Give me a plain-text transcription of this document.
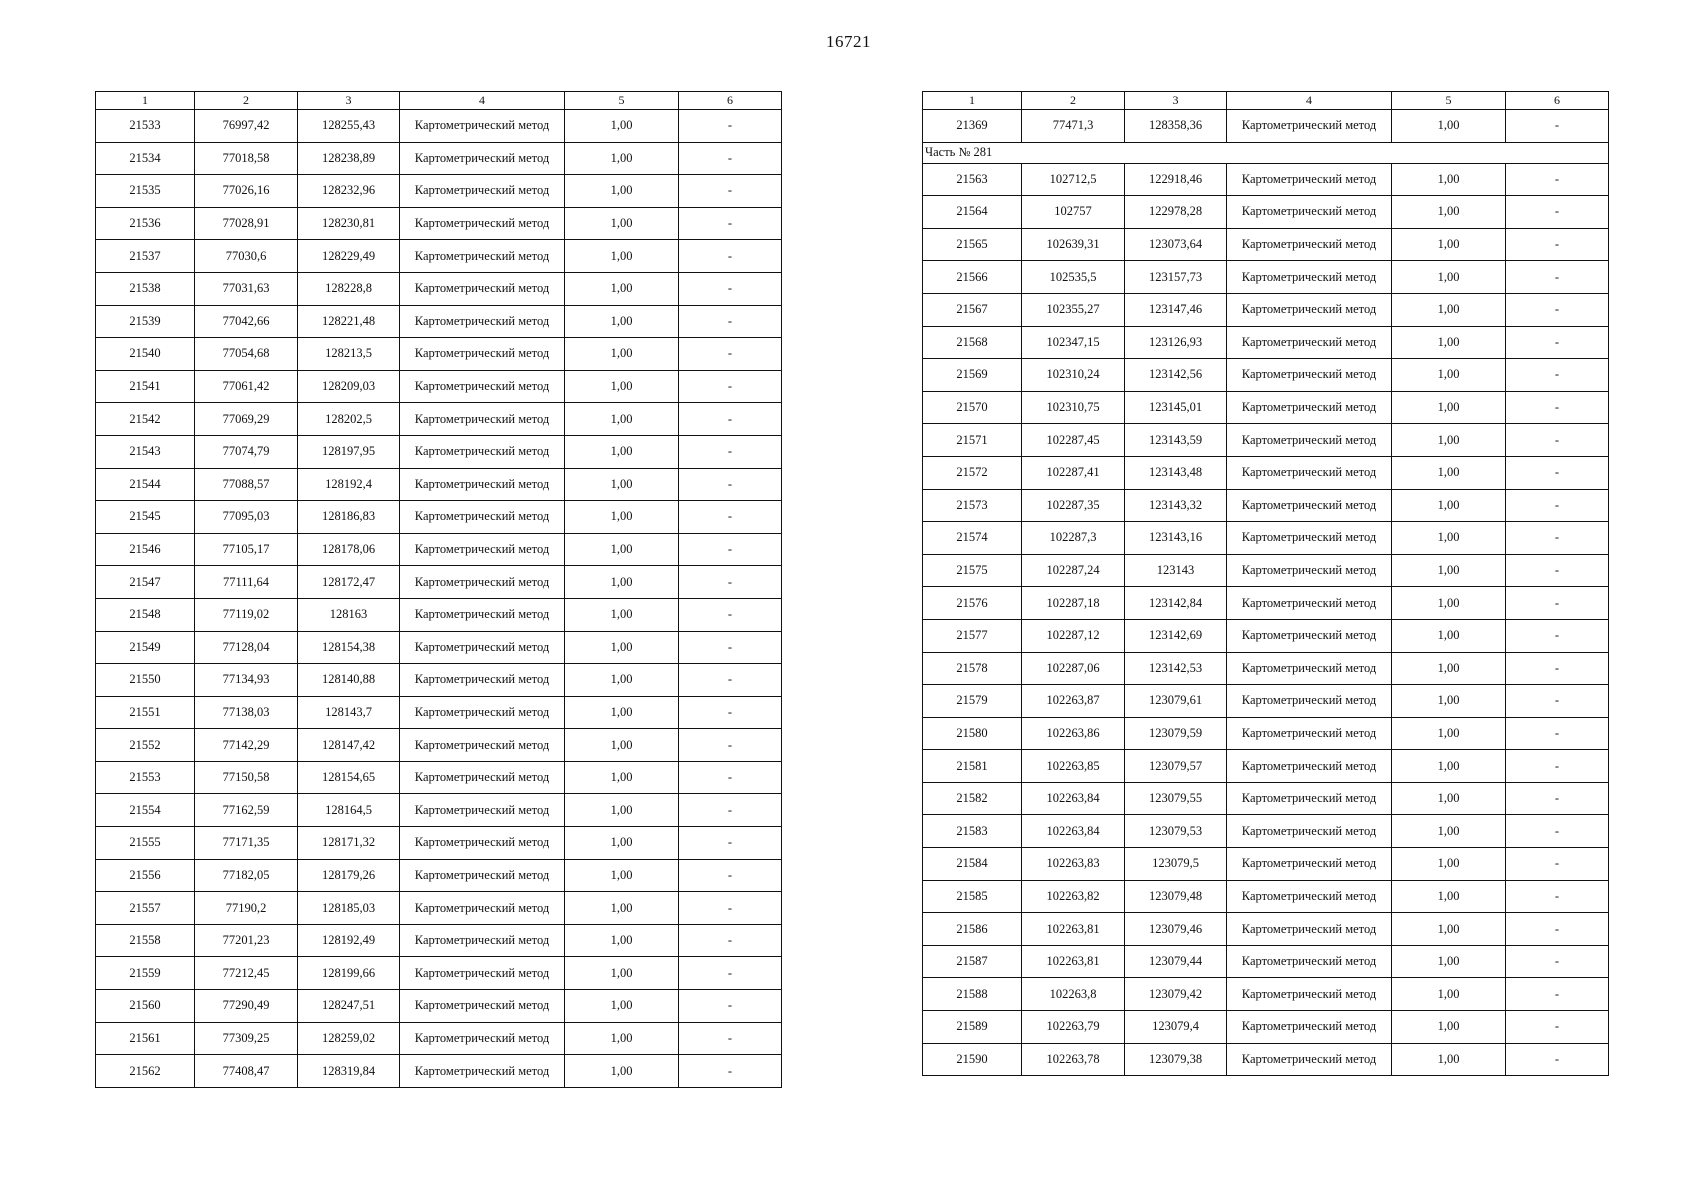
16721
1	2	3	4	5	6
21533	76997,42	128255,43	Картометрический метод	1,00	-
21534	77018,58	128238,89	Картометрический метод	1,00	-
21535	77026,16	128232,96	Картометрический метод	1,00	-
21536	77028,91	128230,81	Картометрический метод	1,00	-
21537	77030,6	128229,49	Картометрический метод	1,00	-
21538	77031,63	128228,8	Картометрический метод	1,00	-
21539	77042,66	128221,48	Картометрический метод	1,00	-
21540	77054,68	128213,5	Картометрический метод	1,00	-
21541	77061,42	128209,03	Картометрический метод	1,00	-
21542	77069,29	128202,5	Картометрический метод	1,00	-
21543	77074,79	128197,95	Картометрический метод	1,00	-
21544	77088,57	128192,4	Картометрический метод	1,00	-
21545	77095,03	128186,83	Картометрический метод	1,00	-
21546	77105,17	128178,06	Картометрический метод	1,00	-
21547	77111,64	128172,47	Картометрический метод	1,00	-
21548	77119,02	128163	Картометрический метод	1,00	-
21549	77128,04	128154,38	Картометрический метод	1,00	-
21550	77134,93	128140,88	Картометрический метод	1,00	-
21551	77138,03	128143,7	Картометрический метод	1,00	-
21552	77142,29	128147,42	Картометрический метод	1,00	-
21553	77150,58	128154,65	Картометрический метод	1,00	-
21554	77162,59	128164,5	Картометрический метод	1,00	-
21555	77171,35	128171,32	Картометрический метод	1,00	-
21556	77182,05	128179,26	Картометрический метод	1,00	-
21557	77190,2	128185,03	Картометрический метод	1,00	-
21558	77201,23	128192,49	Картометрический метод	1,00	-
21559	77212,45	128199,66	Картометрический метод	1,00	-
21560	77290,49	128247,51	Картометрический метод	1,00	-
21561	77309,25	128259,02	Картометрический метод	1,00	-
21562	77408,47	128319,84	Картометрический метод	1,00	-
1	2	3	4	5	6
21369	77471,3	128358,36	Картометрический метод	1,00	-
Часть № 281					
21563	102712,5	122918,46	Картометрический метод	1,00	-
21564	102757	122978,28	Картометрический метод	1,00	-
21565	102639,31	123073,64	Картометрический метод	1,00	-
21566	102535,5	123157,73	Картометрический метод	1,00	-
21567	102355,27	123147,46	Картометрический метод	1,00	-
21568	102347,15	123126,93	Картометрический метод	1,00	-
21569	102310,24	123142,56	Картометрический метод	1,00	-
21570	102310,75	123145,01	Картометрический метод	1,00	-
21571	102287,45	123143,59	Картометрический метод	1,00	-
21572	102287,41	123143,48	Картометрический метод	1,00	-
21573	102287,35	123143,32	Картометрический метод	1,00	-
21574	102287,3	123143,16	Картометрический метод	1,00	-
21575	102287,24	123143	Картометрический метод	1,00	-
21576	102287,18	123142,84	Картометрический метод	1,00	-
21577	102287,12	123142,69	Картометрический метод	1,00	-
21578	102287,06	123142,53	Картометрический метод	1,00	-
21579	102263,87	123079,61	Картометрический метод	1,00	-
21580	102263,86	123079,59	Картометрический метод	1,00	-
21581	102263,85	123079,57	Картометрический метод	1,00	-
21582	102263,84	123079,55	Картометрический метод	1,00	-
21583	102263,84	123079,53	Картометрический метод	1,00	-
21584	102263,83	123079,5	Картометрический метод	1,00	-
21585	102263,82	123079,48	Картометрический метод	1,00	-
21586	102263,81	123079,46	Картометрический метод	1,00	-
21587	102263,81	123079,44	Картометрический метод	1,00	-
21588	102263,8	123079,42	Картометрический метод	1,00	-
21589	102263,79	123079,4	Картометрический метод	1,00	-
21590	102263,78	123079,38	Картометрический метод	1,00	-
